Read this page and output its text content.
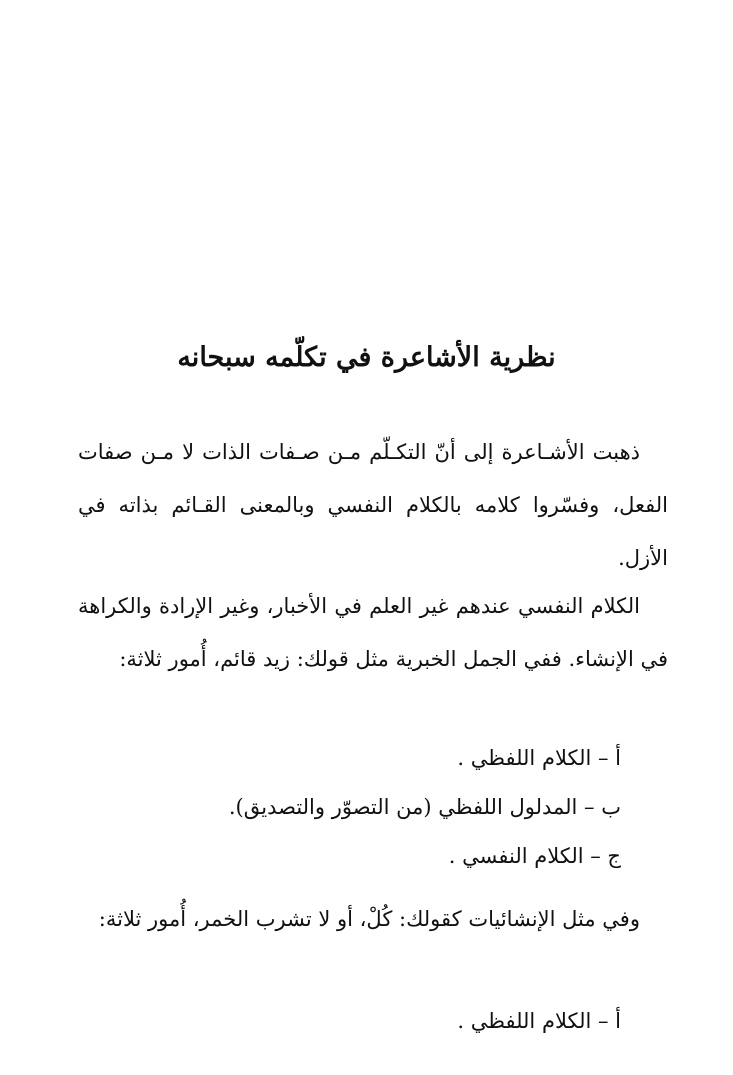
نظرية الأشاعرة في تكلّمه سبحانه

ذهبت الأشـاعرة إلى أنّ التكـلّم مـن صـفات الذات لا مـن صفات الفعل، وفسّروا كلامه بالكلام النفسي وبالمعنى القـائم بذاته في الأزل.

الكلام النفسي عندهم غير العلم في الأخبار، وغير الإرادة والكراهة في الإنشاء. ففي الجمل الخبرية مثل قولك: زيد قائم، أُمور ثلاثة:

أ – الكلام اللفظي .
ب – المدلول اللفظي (من التصوّر والتصديق).
ج – الكلام النفسي .

وفي مثل الإنشائيات كقولك: كُلْ، أو لا تشرب الخمر، أُمور ثلاثة:

أ – الكلام اللفظي .
